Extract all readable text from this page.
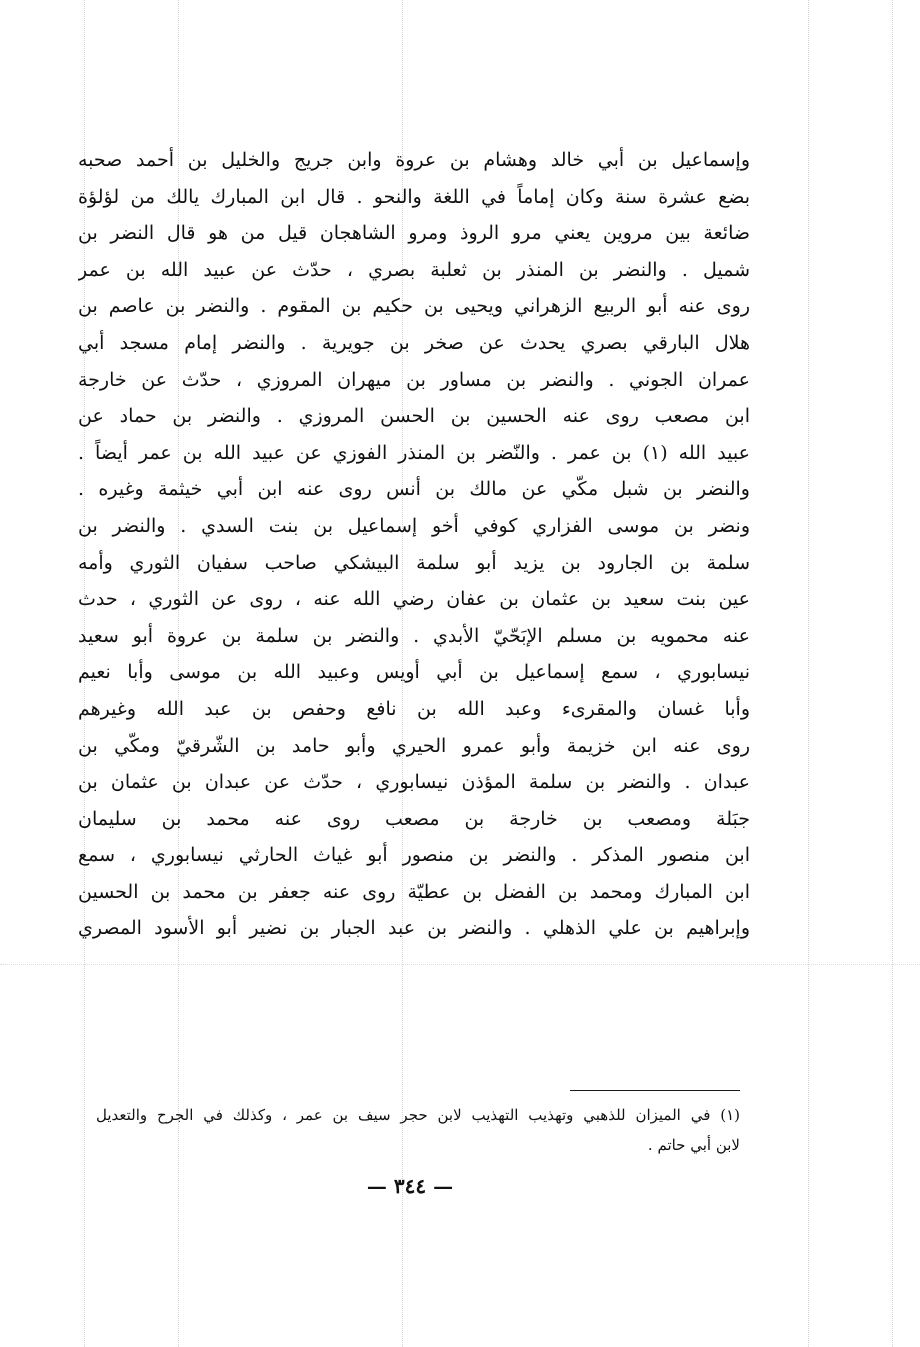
وإسماعيل بن أبي خالد وهشام بن عروة وابن جريج والخليل بن أحمد صحبه
بضع عشرة سنة وكان إماماً في اللغة والنحو . قال ابن المبارك يالك من لؤلؤة
ضائعة بين مروين يعني مرو الروذ ومرو الشاهجان قيل من هو قال النضر بن
شميل . والنضر بن المنذر بن ثعلبة بصري ، حدّث عن عبيد الله بن عمر
روى عنه أبو الربيع الزهراني ويحيى بن حكيم بن المقوم . والنضر بن عاصم بن
هلال البارقي بصري يحدث عن صخر بن جويرية . والنضر إمام مسجد أبي
عمران الجوني . والنضر بن مساور بن ميهران المروزي ، حدّث عن خارجة
ابن مصعب روى عنه الحسين بن الحسن المروزي . والنضر بن حماد عن
عبيد الله (١) بن عمر . والنّضر بن المنذر الفوزي عن عبيد الله بن عمر أيضاً .
والنضر بن شبل مكّي عن مالك بن أنس روى عنه ابن أبي خيثمة وغيره .
ونضر بن موسى الفزاري كوفي أخو إسماعيل بن بنت السدي . والنضر بن
سلمة بن الجارود بن يزيد أبو سلمة البيشكي صاحب سفيان الثوري وأمه
عين بنت سعيد بن عثمان بن عفان رضي الله عنه ، روى عن الثوري ، حدث
عنه محمويه بن مسلم الإبَحّيّ الأبدي . والنضر بن سلمة بن عروة أبو سعيد
نيسابوري ، سمع إسماعيل بن أبي أويس وعبيد الله بن موسى وأبا نعيم
وأبا غسان والمقرىء وعبد الله بن نافع وحفص بن عبد الله وغيرهم
روى عنه ابن خزيمة وأبو عمرو الحيري وأبو حامد بن الشّرقيّ ومكّي بن
عبدان . والنضر بن سلمة المؤذن نيسابوري ، حدّث عن عبدان بن عثمان بن
جبَلة ومصعب بن خارجة بن مصعب روى عنه محمد بن سليمان
ابن منصور المذكر . والنضر بن منصور أبو غياث الحارثي نيسابوري ، سمع
ابن المبارك ومحمد بن الفضل بن عطيّة روى عنه جعفر بن محمد بن الحسين
وإبراهيم بن علي الذهلي . والنضر بن عبد الجبار بن نضير أبو الأسود المصري
(١) في الميزان للذهبي وتهذيب التهذيب لابن حجر سيف بن عمر ، وكذلك في الجرح والتعديل
لابن أبي حاتم .
— ٣٤٤ —
